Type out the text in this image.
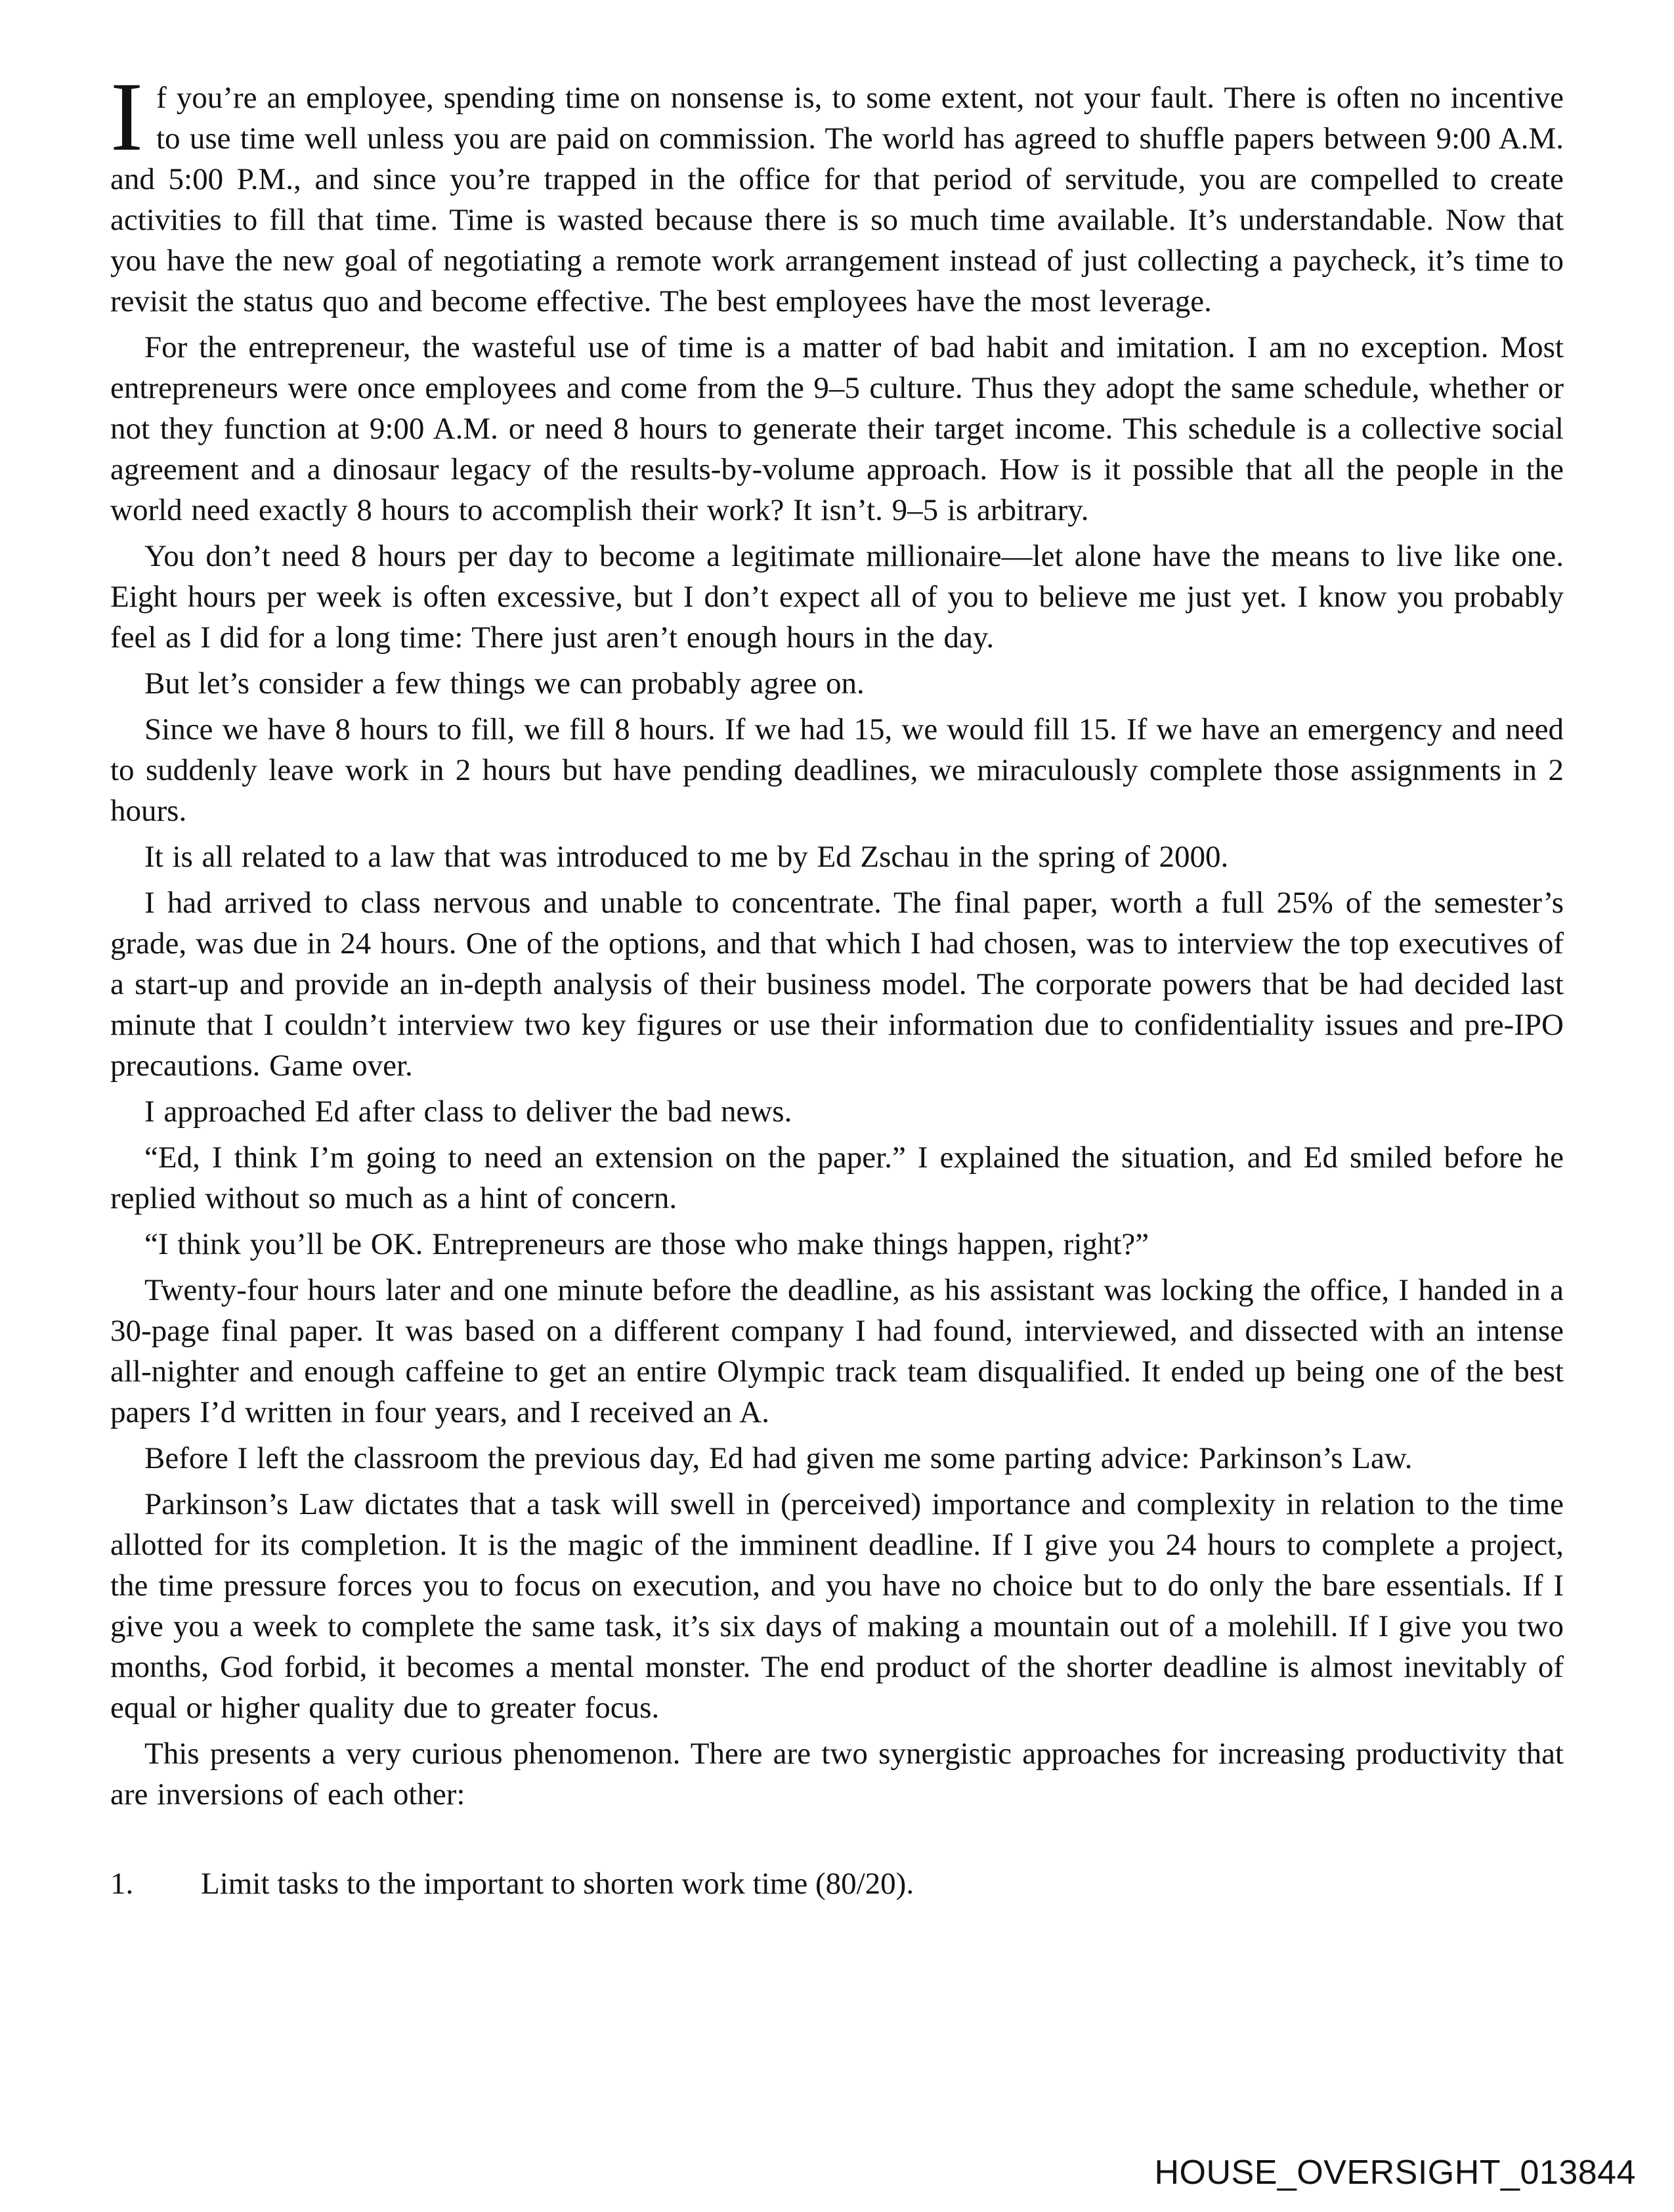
If you’re an employee, spending time on nonsense is, to some extent, not your fault. There is often no incentive to use time well unless you are paid on commission. The world has agreed to shuffle papers between 9:00 A.M. and 5:00 P.M., and since you’re trapped in the office for that period of servitude, you are compelled to create activities to fill that time. Time is wasted because there is so much time available. It’s understandable. Now that you have the new goal of negotiating a remote work arrangement instead of just collecting a paycheck, it’s time to revisit the status quo and become effective. The best employees have the most leverage.

For the entrepreneur, the wasteful use of time is a matter of bad habit and imitation. I am no exception. Most entrepreneurs were once employees and come from the 9–5 culture. Thus they adopt the same schedule, whether or not they function at 9:00 A.M. or need 8 hours to generate their target income. This schedule is a collective social agreement and a dinosaur legacy of the results-by-volume approach. How is it possible that all the people in the world need exactly 8 hours to accomplish their work? It isn’t. 9–5 is arbitrary.

You don’t need 8 hours per day to become a legitimate millionaire—let alone have the means to live like one. Eight hours per week is often excessive, but I don’t expect all of you to believe me just yet. I know you probably feel as I did for a long time: There just aren’t enough hours in the day.

But let’s consider a few things we can probably agree on.

Since we have 8 hours to fill, we fill 8 hours. If we had 15, we would fill 15. If we have an emergency and need to suddenly leave work in 2 hours but have pending deadlines, we miraculously complete those assignments in 2 hours.

It is all related to a law that was introduced to me by Ed Zschau in the spring of 2000.

I had arrived to class nervous and unable to concentrate. The final paper, worth a full 25% of the semester’s grade, was due in 24 hours. One of the options, and that which I had chosen, was to interview the top executives of a start-up and provide an in-depth analysis of their business model. The corporate powers that be had decided last minute that I couldn’t interview two key figures or use their information due to confidentiality issues and pre-IPO precautions. Game over.

I approached Ed after class to deliver the bad news.

“Ed, I think I’m going to need an extension on the paper.” I explained the situation, and Ed smiled before he replied without so much as a hint of concern.

“I think you’ll be OK. Entrepreneurs are those who make things happen, right?”

Twenty-four hours later and one minute before the deadline, as his assistant was locking the office, I handed in a 30-page final paper. It was based on a different company I had found, interviewed, and dissected with an intense all-nighter and enough caffeine to get an entire Olympic track team disqualified. It ended up being one of the best papers I’d written in four years, and I received an A.

Before I left the classroom the previous day, Ed had given me some parting advice: Parkinson’s Law.

Parkinson’s Law dictates that a task will swell in (perceived) importance and complexity in relation to the time allotted for its completion. It is the magic of the imminent deadline. If I give you 24 hours to complete a project, the time pressure forces you to focus on execution, and you have no choice but to do only the bare essentials. If I give you a week to complete the same task, it’s six days of making a mountain out of a molehill. If I give you two months, God forbid, it becomes a mental monster. The end product of the shorter deadline is almost inevitably of equal or higher quality due to greater focus.

This presents a very curious phenomenon. There are two synergistic approaches for increasing productivity that are inversions of each other:

1.	Limit tasks to the important to shorten work time (80/20).
HOUSE_OVERSIGHT_013844
